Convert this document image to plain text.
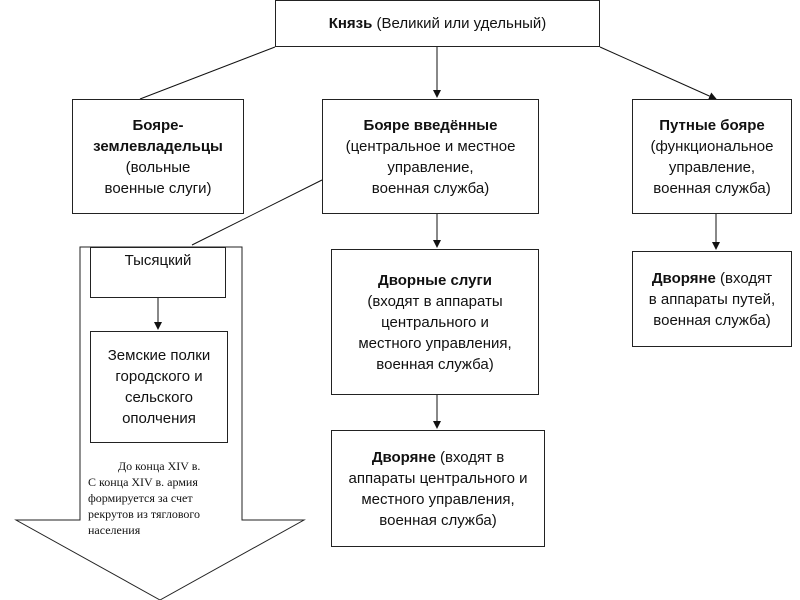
Князь
(Великий или удельный)
Бояре-
землевладельцы
(вольные
военные слуги)
Бояре введённые
(центральное и местное
управление,
военная служба)
Путные бояре
(функциональное
управление,
военная служба)
Тысяцкий
Земские полки
городского и
сельского
ополчения
Дворные слуги
(входят в аппараты
центрального и
местного управления,
военная служба)
Дворяне (входят в
аппараты центрального и
местного управления,
военная служба)
Дворяне (входят
в аппараты путей,
военная служба)
До конца XIV в.
С конца XIV в. армия
формируется за счет
рекрутов из тяглового
населения
